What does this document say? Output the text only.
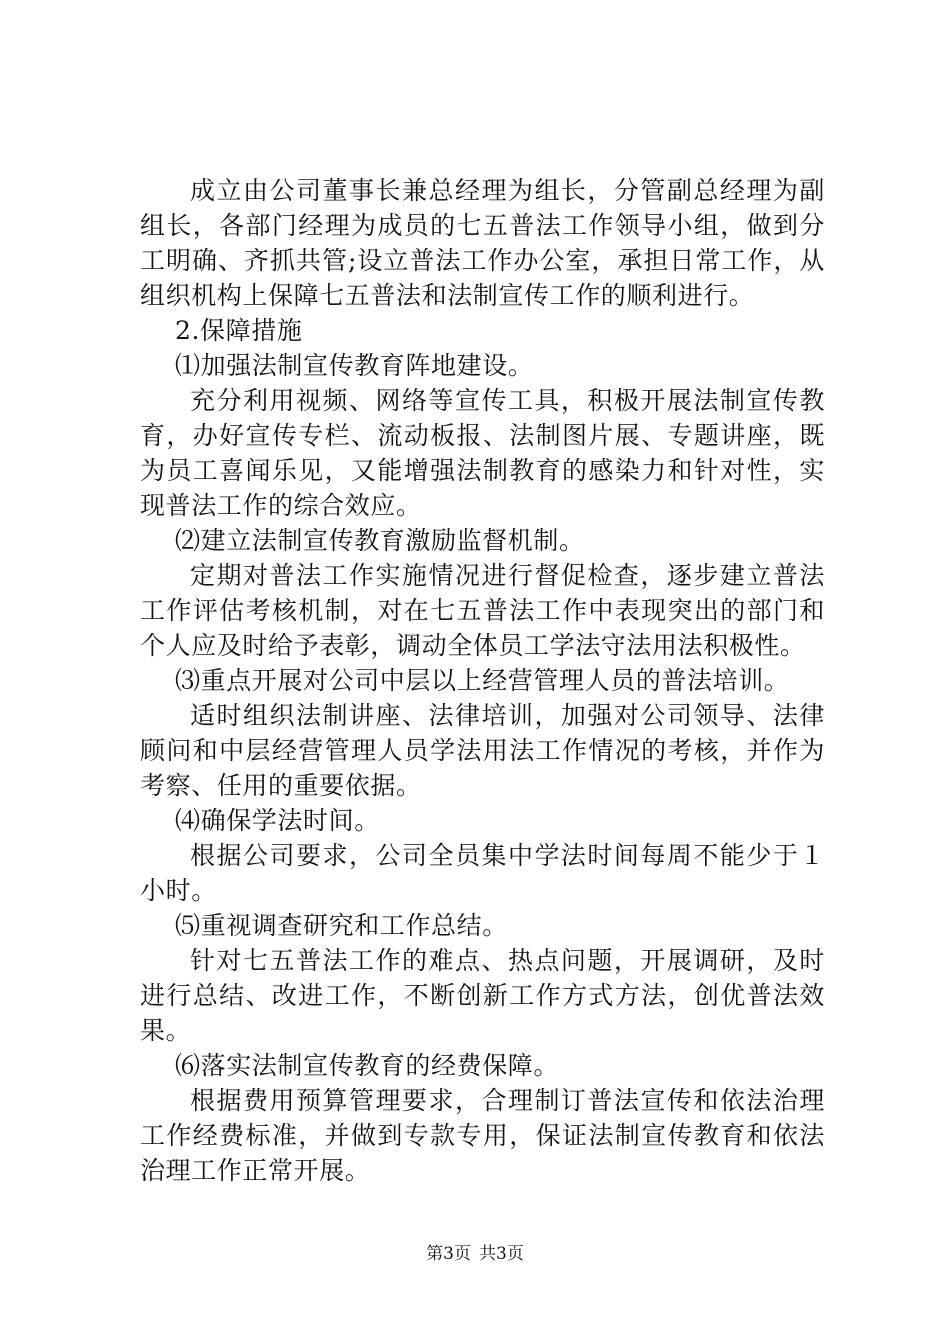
成立由公司董事长兼总经理为组长，分管副总经理为副组长，各部门经理为成员的七五普法工作领导小组，做到分工明确、齐抓共管;设立普法工作办公室，承担日常工作，从组织机构上保障七五普法和法制宣传工作的顺利进行。

2.保障措施

⑴加强法制宣传教育阵地建设。

充分利用视频、网络等宣传工具，积极开展法制宣传教育，办好宣传专栏、流动板报、法制图片展、专题讲座，既为员工喜闻乐见，又能增强法制教育的感染力和针对性，实现普法工作的综合效应。

⑵建立法制宣传教育激励监督机制。

定期对普法工作实施情况进行督促检查，逐步建立普法工作评估考核机制，对在七五普法工作中表现突出的部门和个人应及时给予表彰，调动全体员工学法守法用法积极性。

⑶重点开展对公司中层以上经营管理人员的普法培训。

适时组织法制讲座、法律培训，加强对公司领导、法律顾问和中层经营管理人员学法用法工作情况的考核，并作为考察、任用的重要依据。

⑷确保学法时间。

根据公司要求，公司全员集中学法时间每周不能少于１小时。

⑸重视调查研究和工作总结。

针对七五普法工作的难点、热点问题，开展调研，及时进行总结、改进工作，不断创新工作方式方法，创优普法效果。

⑹落实法制宣传教育的经费保障。

根据费用预算管理要求，合理制订普法宣传和依法治理工作经费标准，并做到专款专用，保证法制宣传教育和依法治理工作正常开展。

第3页 共3页
